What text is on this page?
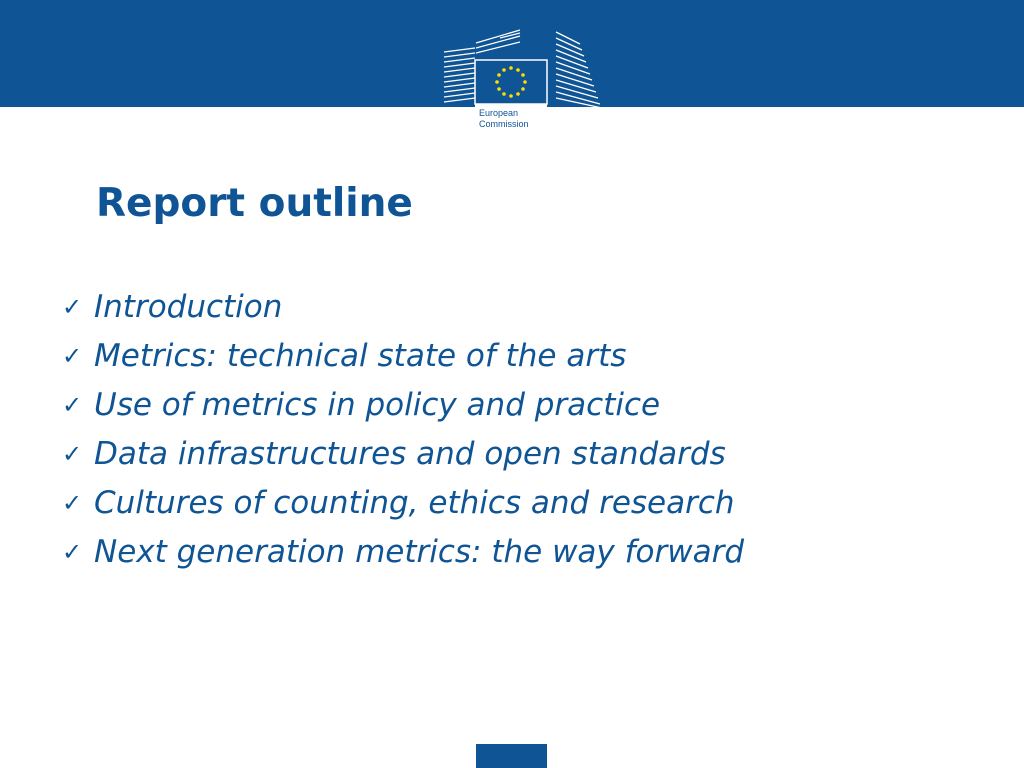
European
Commission
Report outline
✓ Introduction
✓ Metrics: technical state of the arts
✓ Use of metrics in policy and practice
✓ Data infrastructures and open standards
✓ Cultures of counting, ethics and research
✓ Next generation metrics: the way forward
